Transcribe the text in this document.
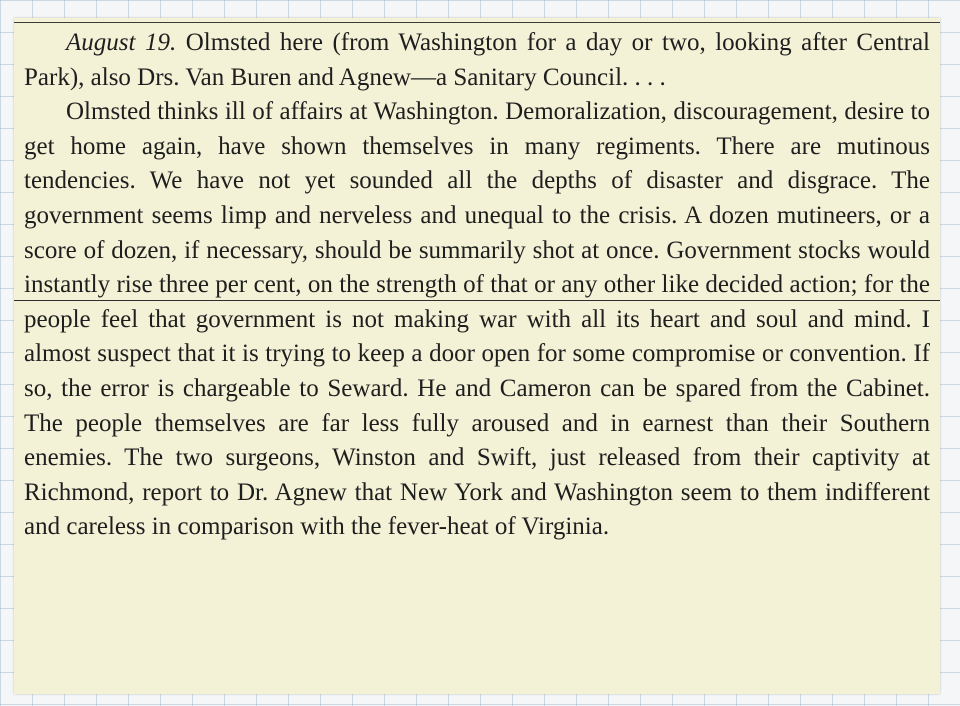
August 19. Olmsted here (from Washington for a day or two, looking after Central Park), also Drs. Van Buren and Agnew—a Sanitary Council. . . .

Olmsted thinks ill of affairs at Washington. Demoralization, discouragement, desire to get home again, have shown themselves in many regiments. There are mutinous tendencies. We have not yet sounded all the depths of disaster and disgrace. The government seems limp and nerveless and unequal to the crisis. A dozen mutineers, or a score of dozen, if necessary, should be summarily shot at once. Government stocks would instantly rise three per cent, on the strength of that or any other like decided action; for the people feel that government is not making war with all its heart and soul and mind. I almost suspect that it is trying to keep a door open for some compromise or convention. If so, the error is chargeable to Seward. He and Cameron can be spared from the Cabinet. The people themselves are far less fully aroused and in earnest than their Southern enemies. The two surgeons, Winston and Swift, just released from their captivity at Richmond, report to Dr. Agnew that New York and Washington seem to them indifferent and careless in comparison with the fever-heat of Virginia.
